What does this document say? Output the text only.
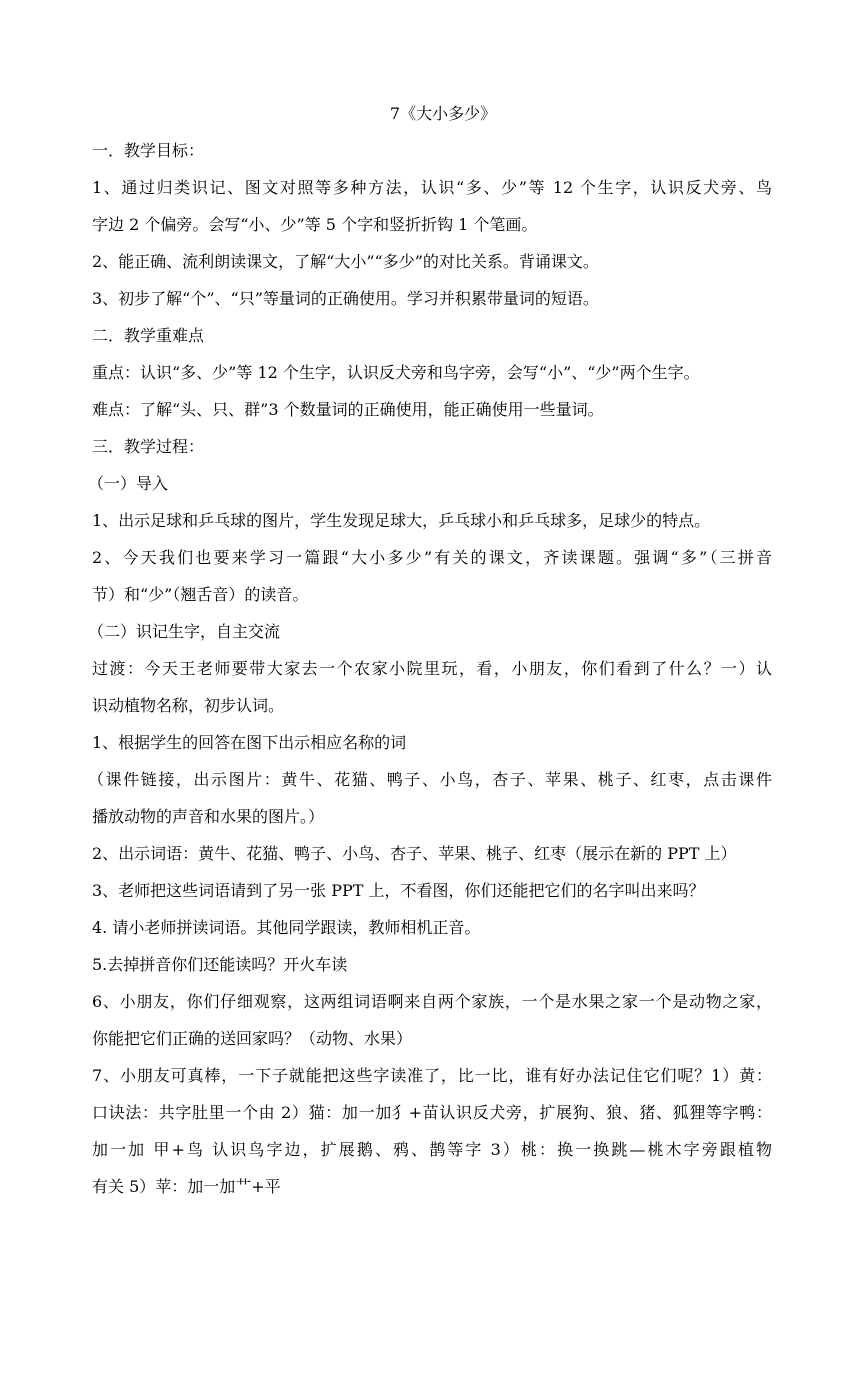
7《大小多少》
一．教学目标：
1、通过归类识记、图文对照等多种方法，认识“多、少”等 12 个生字，认识反犬旁、鸟
字边 2 个偏旁。会写“小、少”等 5 个字和竖折折钩 1 个笔画。
2、能正确、流利朗读课文，了解“大小”“多少”的对比关系。背诵课文。
3、初步了解“个”、“只”等量词的正确使用。学习并积累带量词的短语。
二．教学重难点
重点：认识“多、少”等 12 个生字，认识反犬旁和鸟字旁，会写“小”、“少”两个生字。
难点：了解“头、只、群”3 个数量词的正确使用，能正确使用一些量词。
三．教学过程：
（一）导入
1、出示足球和乒乓球的图片，学生发现足球大，乒乓球小和乒乓球多，足球少的特点。
2、今天我们也要来学习一篇跟“大小多少”有关的课文，齐读课题。强调“多”（三拼音
节）和“少”（翘舌音）的读音。
（二）识记生字，自主交流
过渡：今天王老师要带大家去一个农家小院里玩，看，小朋友，你们看到了什么？一）认
识动植物名称，初步认词。
1、根据学生的回答在图下出示相应名称的词
（课件链接，出示图片：黄牛、花猫、鸭子、小鸟，杏子、苹果、桃子、红枣，点击课件
播放动物的声音和水果的图片。）
2、出示词语：黄牛、花猫、鸭子、小鸟、杏子、苹果、桃子、红枣（展示在新的 PPT 上）
3、老师把这些词语请到了另一张 PPT 上，不看图，你们还能把它们的名字叫出来吗？
4. 请小老师拼读词语。其他同学跟读，教师相机正音。
5.去掉拼音你们还能读吗？开火车读
6、小朋友，你们仔细观察，这两组词语啊来自两个家族，一个是水果之家一个是动物之家，
你能把它们正确的送回家吗？（动物、水果）
7、小朋友可真棒，一下子就能把这些字读准了，比一比，谁有好办法记住它们呢？1）黄：
口诀法：共字肚里一个由 2）猫：加一加犭+苗认识反犬旁，扩展狗、狼、猪、狐狸等字鸭：
加一加 甲+鸟 认识鸟字边，扩展鹅、鸦、鹊等字 3）桃：换一换跳—桃木字旁跟植物
有关 5）苹：加一加艹+平
